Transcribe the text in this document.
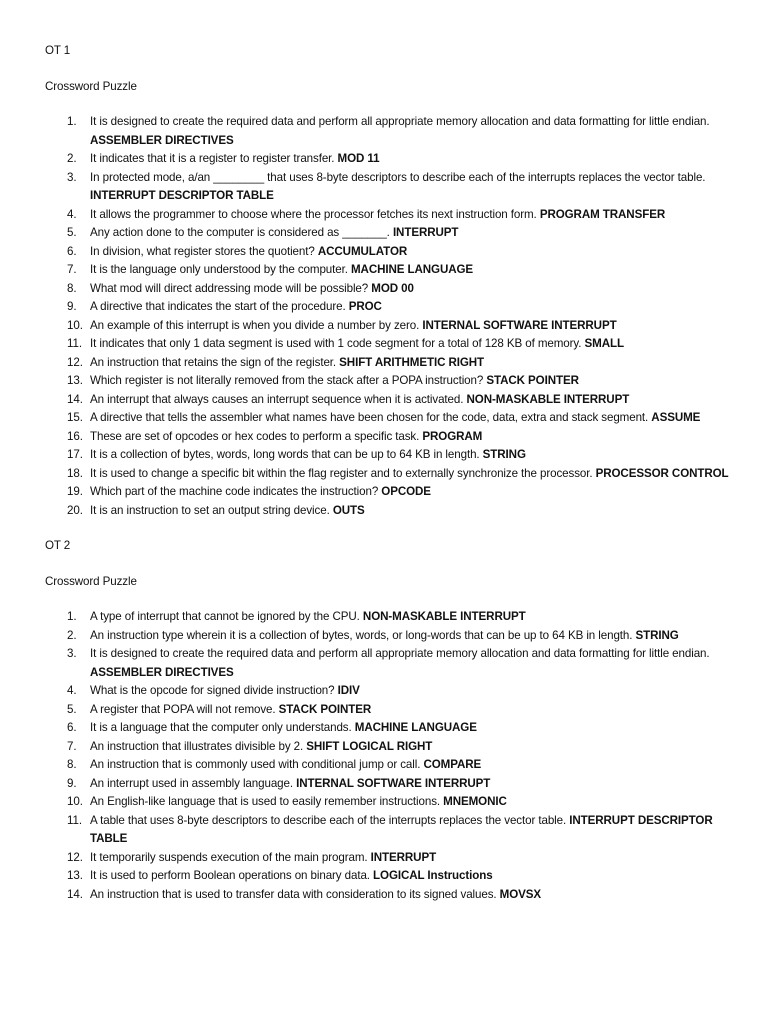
OT 1
Crossword Puzzle
1. It is designed to create the required data and perform all appropriate memory allocation and data formatting for little endian. ASSEMBLER DIRECTIVES
2. It indicates that it is a register to register transfer. MOD 11
3. In protected mode, a/an ________ that uses 8-byte descriptors to describe each of the interrupts replaces the vector table. INTERRUPT DESCRIPTOR TABLE
4. It allows the programmer to choose where the processor fetches its next instruction form. PROGRAM TRANSFER
5. Any action done to the computer is considered as _______. INTERRUPT
6. In division, what register stores the quotient? ACCUMULATOR
7. It is the language only understood by the computer. MACHINE LANGUAGE
8. What mod will direct addressing mode will be possible? MOD 00
9. A directive that indicates the start of the procedure. PROC
10. An example of this interrupt is when you divide a number by zero. INTERNAL SOFTWARE INTERRUPT
11. It indicates that only 1 data segment is used with 1 code segment for a total of 128 KB of memory. SMALL
12. An instruction that retains the sign of the register. SHIFT ARITHMETIC RIGHT
13. Which register is not literally removed from the stack after a POPA instruction? STACK POINTER
14. An interrupt that always causes an interrupt sequence when it is activated. NON-MASKABLE INTERRUPT
15. A directive that tells the assembler what names have been chosen for the code, data, extra and stack segment. ASSUME
16. These are set of opcodes or hex codes to perform a specific task. PROGRAM
17. It is a collection of bytes, words, long words that can be up to 64 KB in length. STRING
18. It is used to change a specific bit within the flag register and to externally synchronize the processor. PROCESSOR CONTROL
19. Which part of the machine code indicates the instruction? OPCODE
20. It is an instruction to set an output string device. OUTS
OT 2
Crossword Puzzle
1. A type of interrupt that cannot be ignored by the CPU. NON-MASKABLE INTERRUPT
2. An instruction type wherein it is a collection of bytes, words, or long-words that can be up to 64 KB in length. STRING
3. It is designed to create the required data and perform all appropriate memory allocation and data formatting for little endian. ASSEMBLER DIRECTIVES
4. What is the opcode for signed divide instruction? IDIV
5. A register that POPA will not remove. STACK POINTER
6. It is a language that the computer only understands. MACHINE LANGUAGE
7. An instruction that illustrates divisible by 2. SHIFT LOGICAL RIGHT
8. An instruction that is commonly used with conditional jump or call. COMPARE
9. An interrupt used in assembly language. INTERNAL SOFTWARE INTERRUPT
10. An English-like language that is used to easily remember instructions. MNEMONIC
11. A table that uses 8-byte descriptors to describe each of the interrupts replaces the vector table. INTERRUPT DESCRIPTOR TABLE
12. It temporarily suspends execution of the main program. INTERRUPT
13. It is used to perform Boolean operations on binary data. LOGICAL Instructions
14. An instruction that is used to transfer data with consideration to its signed values. MOVSX
